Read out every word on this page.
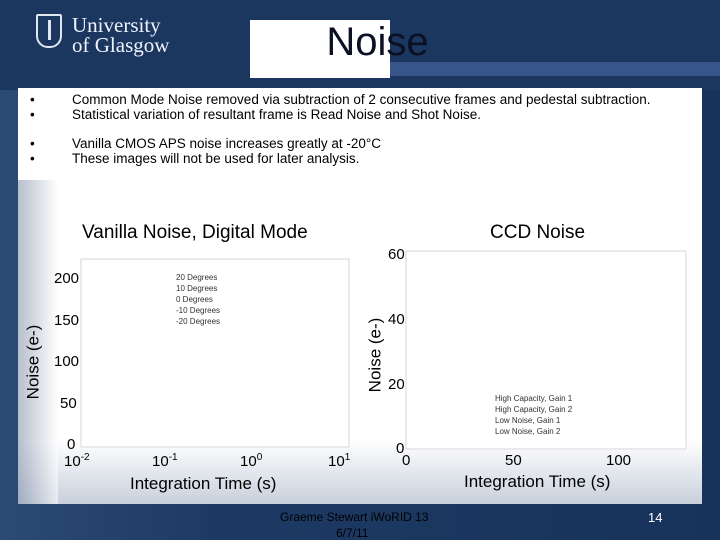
University
of Glasgow	Noise
•	Common Mode Noise removed via subtraction of 2 consecutive frames and pedestal subtraction.
•	Statistical variation of resultant frame is Read Noise and Shot Noise.
•	Vanilla CMOS APS noise increases greatly at -20°C
•	These images will not be used for later analysis.
Vanilla Noise, Digital Mode
20 Degrees
10 Degrees
0 Degrees
-10 Degrees
-20 Degrees
200
150
100
50
0
Noise (e-)
$10^{-2}$	$10^{-1}$	$10^0$	$10^1$
Integration Time (s)
CCD Noise
High Capacity, Gain 1
High Capacity, Gain 2
Low Noise, Gain 1
Low Noise, Gain 2
60
40
20
0
Noise (e-)
0	50	100
Integration Time (s)
Graeme Stewart iWoRID 13
6/7/11
14
